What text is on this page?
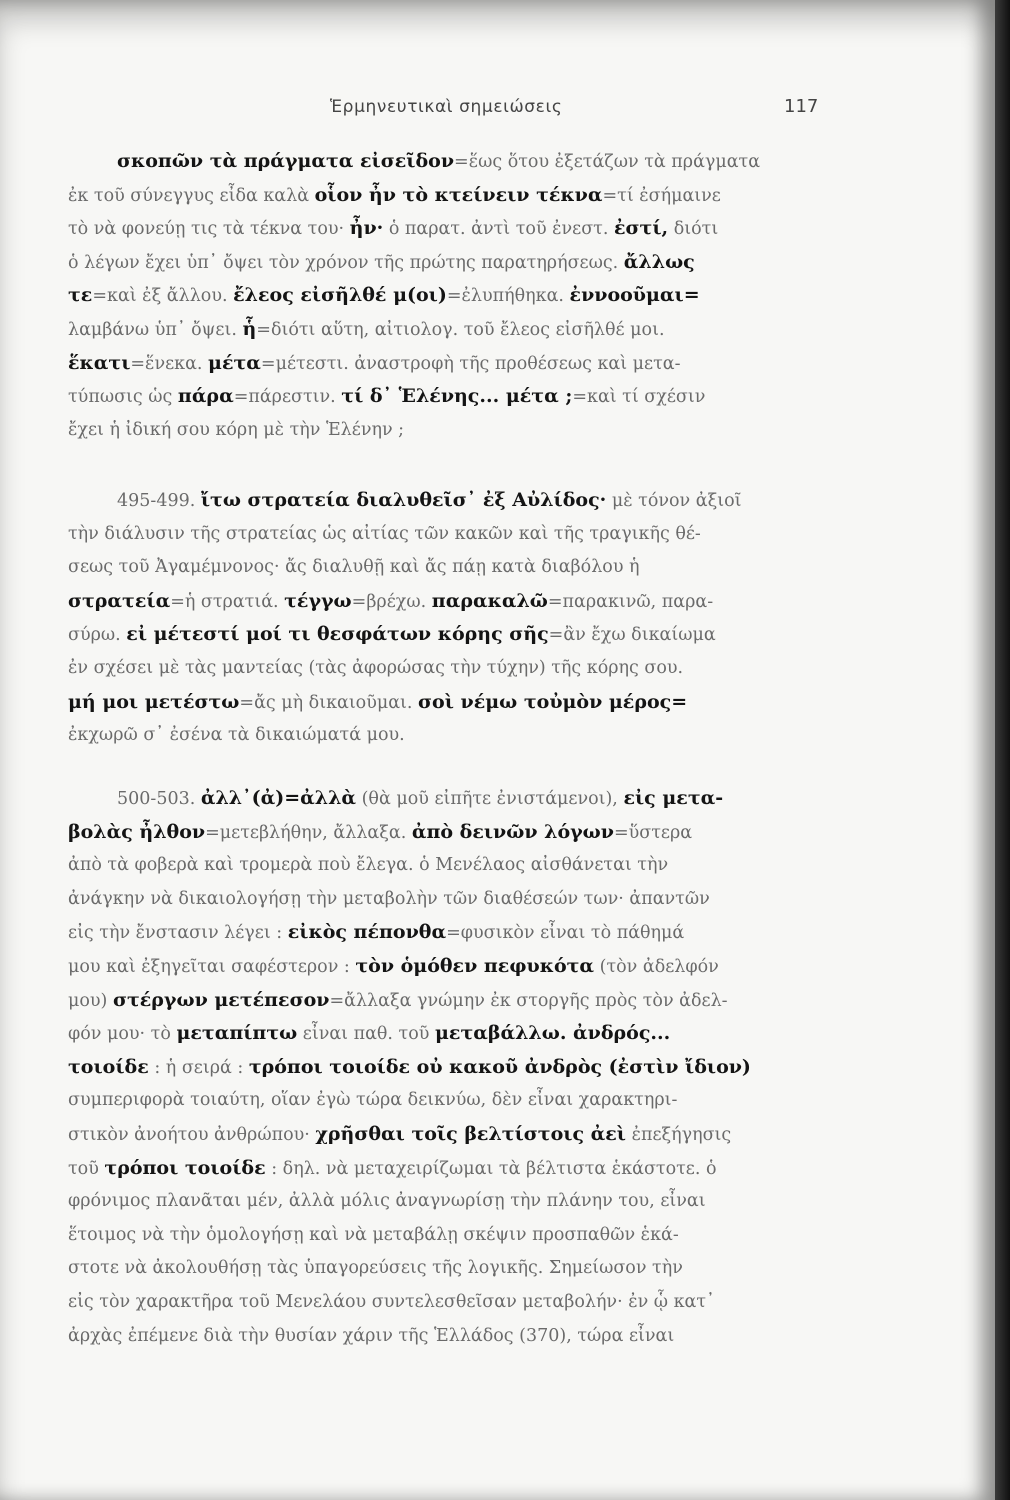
Ἑρμηνευτικαὶ σημειώσεις	117
σκοπῶν τὰ πράγματα εἰσεῖδον=ἕως ὅτου ἐξετάζων τὰ πράγματα
ἐκ τοῦ σύνεγγυς εἶδα καλὰ οἷον ἦν τὸ κτείνειν τέκνα=τί ἐσήμαινε
τὸ νὰ φονεύῃ τις τὰ τέκνα του· ἦν· ὁ παρατ. ἀντὶ τοῦ ἐνεστ. ἐστί, διότι
ὁ λέγων ἔχει ὑπ᾽ ὄψει τὸν χρόνον τῆς πρώτης παρατηρήσεως. ἄλλως
τε=καὶ ἐξ ἄλλου. ἔλεος εἰσῆλθέ μ(οι)=ἐλυπήθηκα. ἐννοοῦμαι=
λαμβάνω ὑπ᾽ ὄψει. ἧ=διότι αὕτη, αἰτιολογ. τοῦ ἔλεος εἰσῆλθέ μοι.
ἕκατι=ἕνεκα. μέτα=μέτεστι. ἀναστροφὴ τῆς προθέσεως καὶ μετα-
τύπωσις ὡς πάρα=πάρεστιν. τί δ᾽ Ἑλένης... μέτα ;=καὶ τί σχέσιν
ἔχει ἡ ἰδική σου κόρη μὲ τὴν Ἑλένην ;
495-499. ἴτω στρατεία διαλυθεῖσ᾽ ἐξ Αὐλίδος· μὲ τόνον ἀξιοῖ
τὴν διάλυσιν τῆς στρατείας ὡς αἰτίας τῶν κακῶν καὶ τῆς τραγικῆς θέ-
σεως τοῦ Ἀγαμέμνονος· ἄς διαλυθῇ καὶ ἄς πάῃ κατὰ διαβόλου ἡ
στρατεία=ἡ στρατιά. τέγγω=βρέχω. παρακαλῶ=παρακινῶ, παρα-
σύρω. εἰ μέτεστί μοί τι θεσφάτων κόρης σῆς=ἂν ἔχω δικαίωμα
ἐν σχέσει μὲ τὰς μαντείας (τὰς ἀφορώσας τὴν τύχην) τῆς κόρης σου.
μή μοι μετέστω=ἄς μὴ δικαιοῦμαι. σοὶ νέμω τοὐμὸν μέρος=
ἐκχωρῶ σ᾽ ἐσένα τὰ δικαιώματά μου.
500-503. ἀλλ᾽(ἀ)=ἀλλὰ (θὰ μοῦ εἰπῆτε ἐνιστάμενοι), εἰς μετα-
βολὰς ἦλθον=μετεβλήθην, ἄλλαξα. ἀπὸ δεινῶν λόγων=ὕστερα
ἀπὸ τὰ φοβερὰ καὶ τρομερὰ ποὺ ἔλεγα. ὁ Μενέλαος αἰσθάνεται τὴν
ἀνάγκην νὰ δικαιολογήσῃ τὴν μεταβολὴν τῶν διαθέσεών των· ἀπαντῶν
εἰς τὴν ἔνστασιν λέγει : εἰκὸς πέπονθα=φυσικὸν εἶναι τὸ πάθημά
μου καὶ ἐξηγεῖται σαφέστερον : τὸν ὁμόθεν πεφυκότα (τὸν ἀδελφόν
μου) στέργων μετέπεσον=ἄλλαξα γνώμην ἐκ στοργῆς πρὸς τὸν ἀδελ-
φόν μου· τὸ μεταπίπτω εἶναι παθ. τοῦ μεταβάλλω. ἀνδρός...
τοιοίδε : ἡ σειρά : τρόποι τοιοίδε οὐ κακοῦ ἀνδρὸς (ἐστὶν ἴδιον)
συμπεριφορὰ τοιαύτη, οἵαν ἐγὼ τώρα δεικνύω, δὲν εἶναι χαρακτηρι-
στικὸν ἀνοήτου ἀνθρώπου· χρῆσθαι τοῖς βελτίστοις ἀεὶ ἐπεξήγησις
τοῦ τρόποι τοιοίδε : δηλ. νὰ μεταχειρίζωμαι τὰ βέλτιστα ἑκάστοτε. ὁ
φρόνιμος πλανᾶται μέν, ἀλλὰ μόλις ἀναγνωρίσῃ τὴν πλάνην του, εἶναι
ἕτοιμος νὰ τὴν ὁμολογήσῃ καὶ νὰ μεταβάλῃ σκέψιν προσπαθῶν ἑκά-
στοτε νὰ ἀκολουθήσῃ τὰς ὑπαγορεύσεις τῆς λογικῆς. Σημείωσον τὴν
εἰς τὸν χαρακτῆρα τοῦ Μενελάου συντελεσθεῖσαν μεταβολήν· ἐν ᾧ κατ᾽
ἀρχὰς ἐπέμενε διὰ τὴν θυσίαν χάριν τῆς Ἑλλάδος (370), τώρα εἶναι
